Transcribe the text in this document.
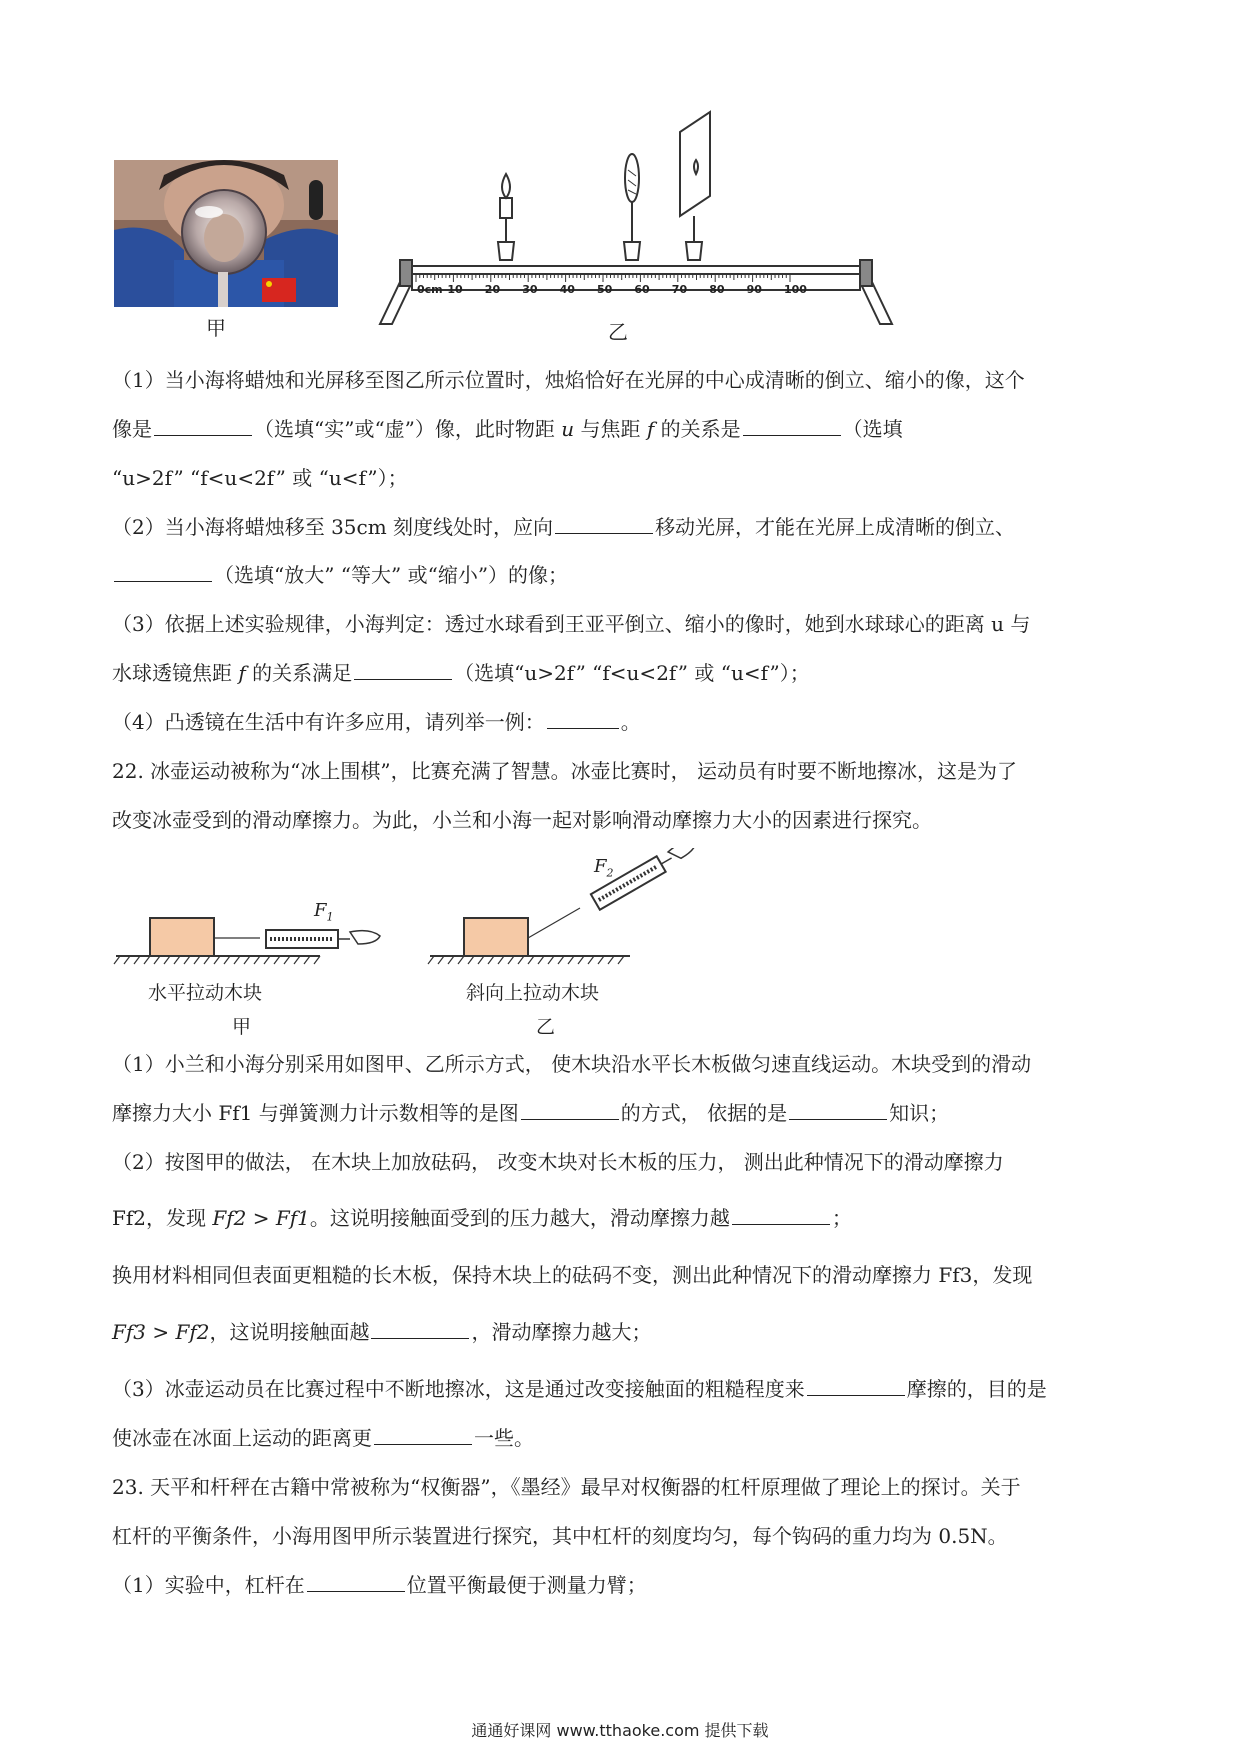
甲
0cm 10 20 30 40 50 60 70 80 90 100
乙
（1）当小海将蜡烛和光屏移至图乙所示位置时，烛焰恰好在光屏的中心成清晰的倒立、缩小的像，这个
像是	（选填“实”或“虚”）像，此时物距 u 与焦距 f 的关系是	（选填
“u>2f” “f<u<2f” 或 “u<f”）；
（2）当小海将蜡烛移至 35cm 刻度线处时，应向	移动光屏，才能在光屏上成清晰的倒立、
（选填“放大” “等大” 或“缩小”）的像；
（3）依据上述实验规律，小海判定：透过水球看到王亚平倒立、缩小的像时，她到水球球心的距离 u 与
水球透镜焦距 f 的关系满足	（选填“u>2f” “f<u<2f” 或 “u<f”）；
（4）凸透镜在生活中有许多应用，请列举一例：	。
22. 冰壶运动被称为“冰上围棋”，比赛充满了智慧。冰壶比赛时， 运动员有时要不断地擦冰，这是为了
改变冰壶受到的滑动摩擦力。为此，小兰和小海一起对影响滑动摩擦力大小的因素进行探究。
$F_1$
$F_2$
水平拉动木块
甲
斜向上拉动木块
乙
（1）小兰和小海分别采用如图甲、乙所示方式， 使木块沿水平长木板做匀速直线运动。木块受到的滑动
摩擦力大小 Ff1 与弹簧测力计示数相等的是图	的方式， 依据的是	知识；
（2）按图甲的做法， 在木块上加放砝码， 改变木块对长木板的压力， 测出此种情况下的滑动摩擦力
Ff2，发现 Ff2 > Ff1。这说明接触面受到的压力越大，滑动摩擦力越	；
换用材料相同但表面更粗糙的长木板，保持木块上的砝码不变，测出此种情况下的滑动摩擦力 Ff3，发现
Ff3 > Ff2，这说明接触面越	，滑动摩擦力越大；
（3）冰壶运动员在比赛过程中不断地擦冰，这是通过改变接触面的粗糙程度来	摩擦的，目的是
使冰壶在冰面上运动的距离更	一些。
23. 天平和杆秤在古籍中常被称为“权衡器”，《墨经》最早对权衡器的杠杆原理做了理论上的探讨。关于
杠杆的平衡条件，小海用图甲所示装置进行探究，其中杠杆的刻度均匀，每个钩码的重力均为 0.5N。
（1）实验中，杠杆在	位置平衡最便于测量力臂；
通通好课网 www.tthaoke.com 提供下载
